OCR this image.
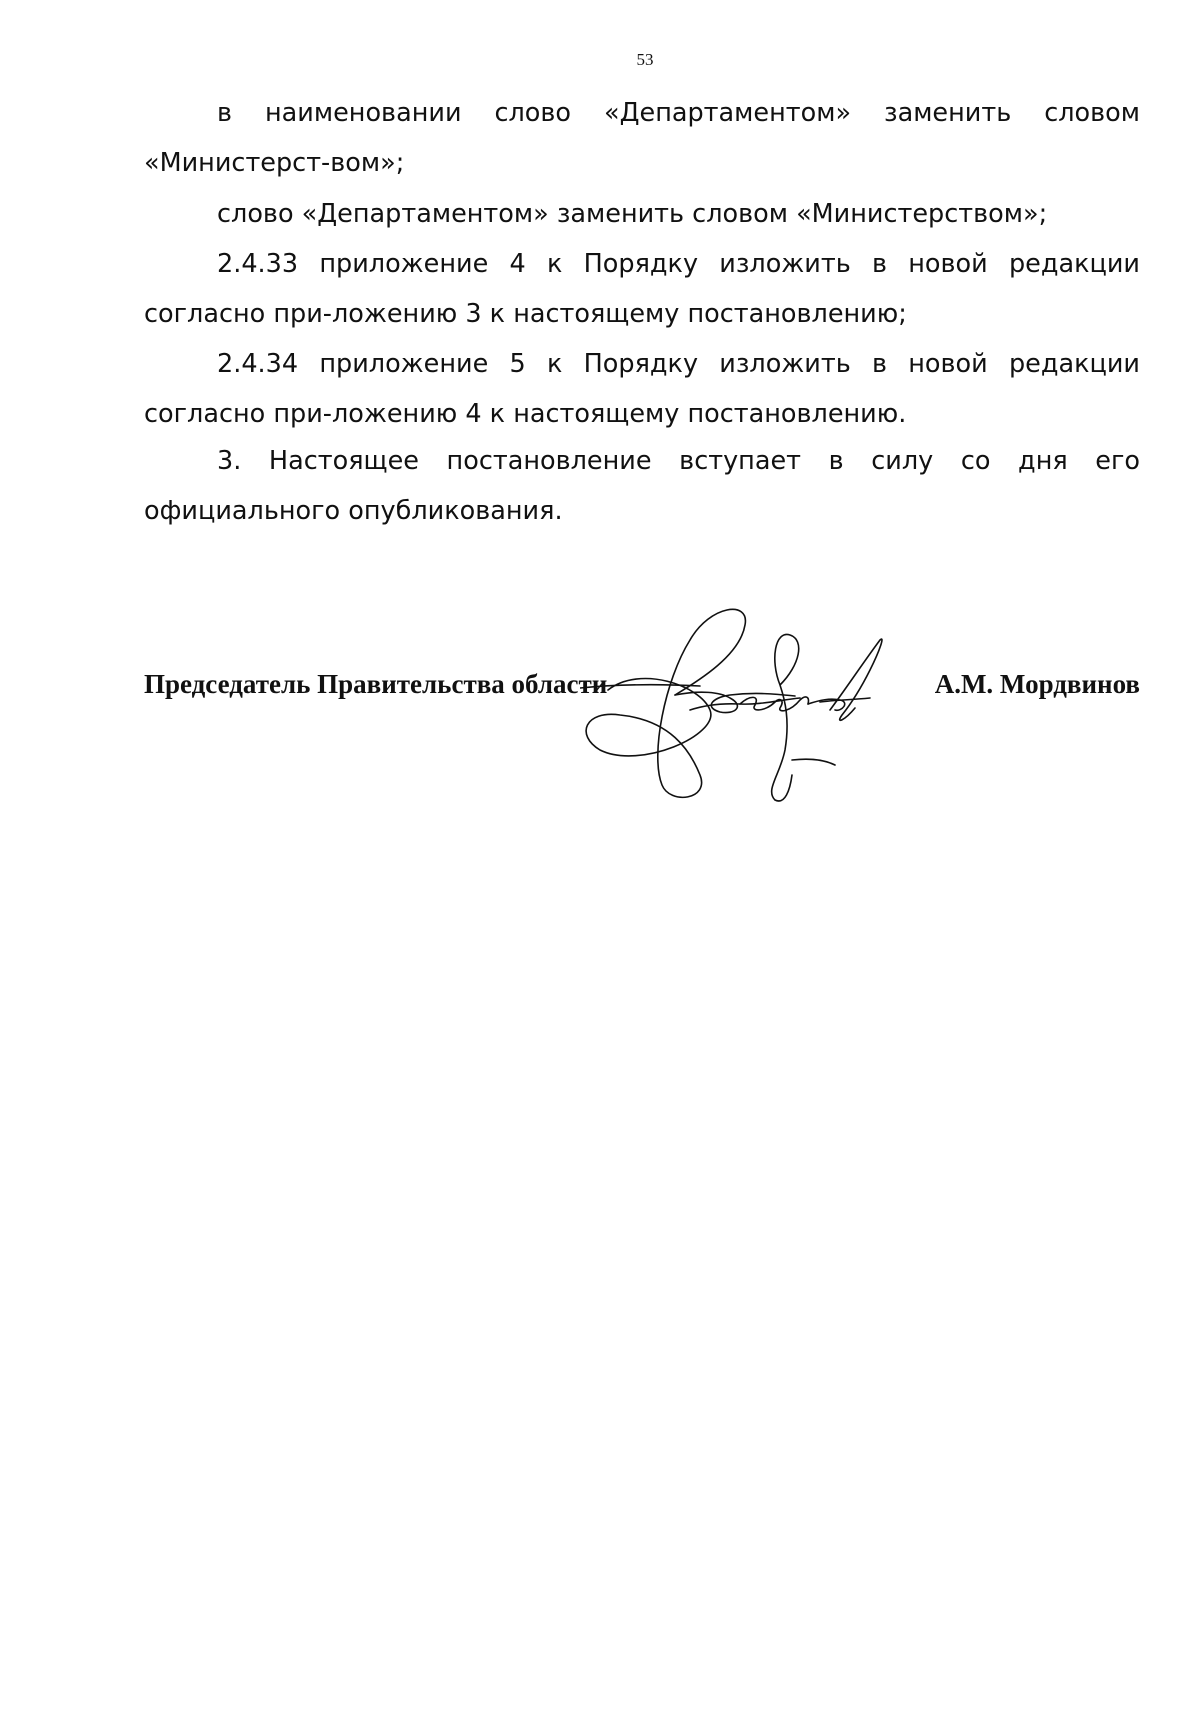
53

в наименовании слово «Департаментом» заменить словом «Министерст-вом»;

слово «Департаментом» заменить словом «Министерством»;

2.4.33 приложение 4 к Порядку изложить в новой редакции согласно при-ложению 3 к настоящему постановлению;

2.4.34 приложение 5 к Порядку изложить в новой редакции согласно при-ложению 4 к настоящему постановлению.

3. Настоящее постановление вступает в силу со дня его официального опубликования.

Председатель Правительства области	А.М. Мордвинов
